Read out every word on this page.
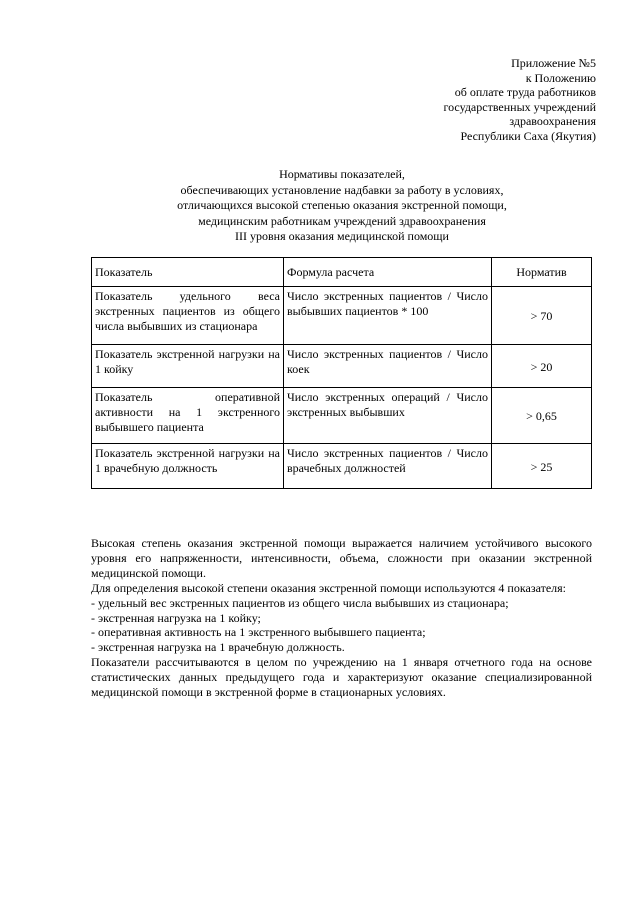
Приложение №5
к Положению
об оплате труда работников
государственных учреждений
здравоохранения
Республики Саха (Якутия)
Нормативы показателей,
обеспечивающих установление надбавки за работу в условиях,
отличающихся высокой степенью оказания экстренной помощи,
медицинским работникам учреждений здравоохранения
III уровня оказания медицинской помощи
Показатель	Формула расчета	Норматив
Показатель удельного веса экстренных пациентов из общего числа выбывших из стационара	Число экстренных пациентов / Число выбывших пациентов * 100	> 70
Показатель экстренной нагрузки на 1 койку	Число экстренных пациентов / Число коек	> 20
Показатель оперативной активности на 1 экстренного выбывшего пациента	Число экстренных операций / Число экстренных выбывших	> 0,65
Показатель экстренной нагрузки на 1 врачебную должность	Число экстренных пациентов / Число врачебных должностей	> 25

Высокая степень оказания экстренной помощи выражается наличием устойчивого высокого уровня его напряженности, интенсивности, объема, сложности при оказании экстренной медицинской помощи.

Для определения высокой степени оказания экстренной помощи используются 4 показателя:

- удельный вес экстренных пациентов из общего числа выбывших из стационара;

- экстренная нагрузка на 1 койку;

- оперативная активность на 1 экстренного выбывшего пациента;

- экстренная нагрузка на 1 врачебную должность.

Показатели рассчитываются в целом по учреждению на 1 января отчетного года на основе статистических данных предыдущего года и характеризуют оказание специализированной медицинской помощи в экстренной форме в стационарных условиях.
